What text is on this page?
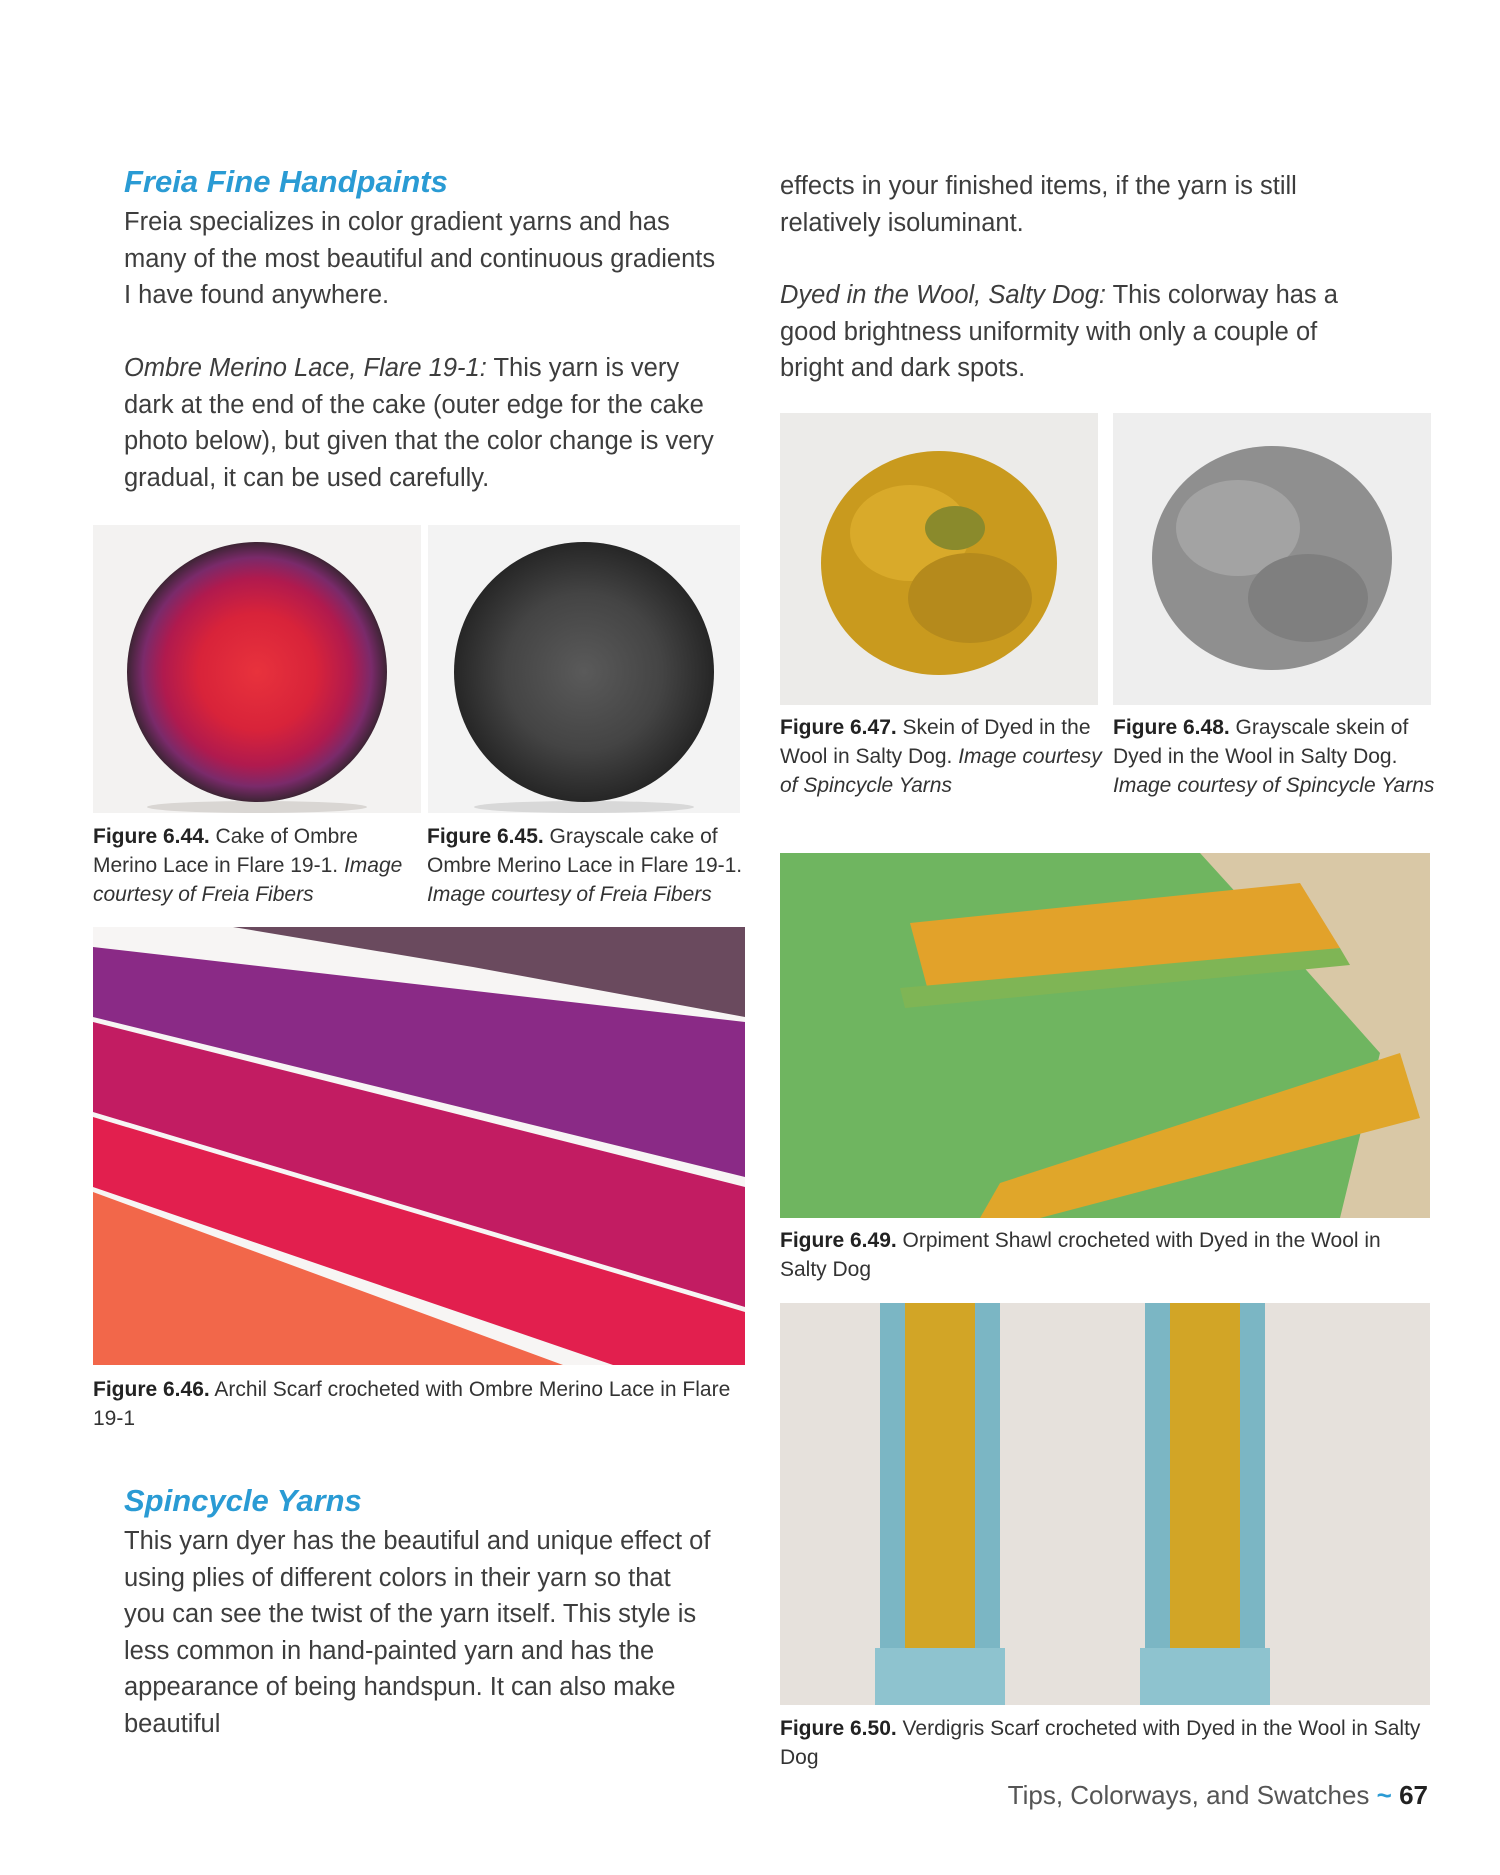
Freia Fine Handpaints

Freia specializes in color gradient yarns and has many of the most beautiful and continuous gradients I have found anywhere.

Ombre Merino Lace, Flare 19-1: This yarn is very dark at the end of the cake (outer edge for the cake photo below), but given that the color change is very gradual, it can be used carefully.

Figure 6.44. Cake of Ombre Merino Lace in Flare 19-1. Image courtesy of Freia Fibers

Figure 6.45. Grayscale cake of Ombre Merino Lace in Flare 19-1. Image courtesy of Freia Fibers

Figure 6.46. Archil Scarf crocheted with Ombre Merino Lace in Flare 19-1

Spincycle Yarns

This yarn dyer has the beautiful and unique effect of using plies of different colors in their yarn so that you can see the twist of the yarn itself. This style is less common in hand-painted yarn and has the appearance of being handspun. It can also make beautiful

effects in your finished items, if the yarn is still relatively isoluminant.

Dyed in the Wool, Salty Dog: This colorway has a good brightness uniformity with only a couple of bright and dark spots.

Figure 6.47. Skein of Dyed in the Wool in Salty Dog. Image courtesy of Spincycle Yarns

Figure 6.48. Grayscale skein of Dyed in the Wool in Salty Dog. Image courtesy of Spincycle Yarns

Figure 6.49. Orpiment Shawl crocheted with Dyed in the Wool in Salty Dog

Figure 6.50. Verdigris Scarf crocheted with Dyed in the Wool in Salty Dog

Tips, Colorways, and Swatches ~ 67
